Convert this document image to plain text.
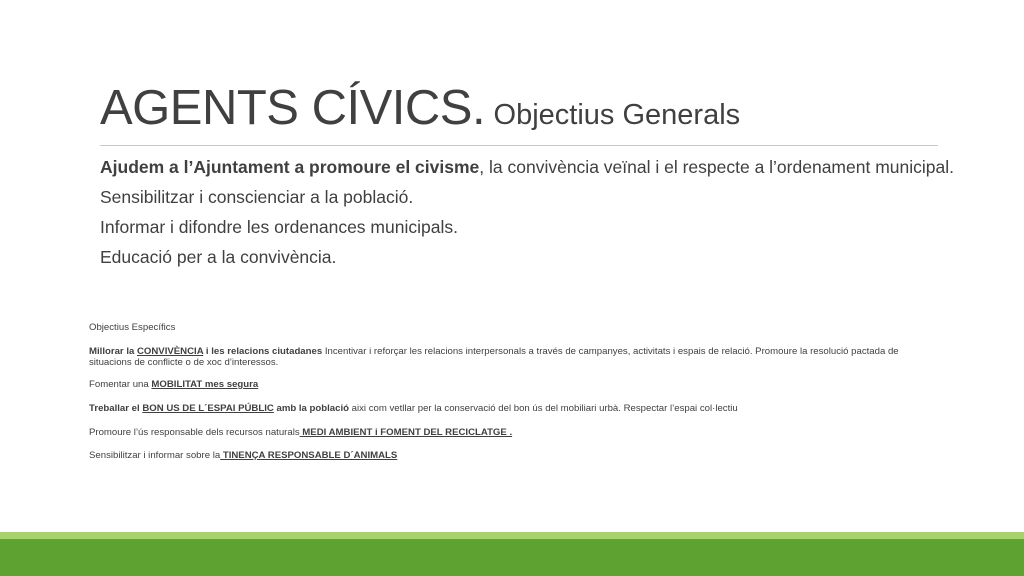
AGENTS CÍVICS. Objectius Generals
Ajudem a l’Ajuntament a promoure el civisme, la convivència veïnal i el respecte a l’ordenament municipal.
Sensibilitzar i conscienciar a la població.
Informar i difondre les ordenances municipals.
Educació per a la convivència.

Objectius Específics

Millorar la CONVIVÈNCIA i les relacions ciutadanes Incentivar i reforçar les relacions interpersonals a través de campanyes, activitats i espais de relació. Promoure la resolució pactada de situacions de conflicte o de xoc d’interessos.

Fomentar una MOBILITAT mes segura

Treballar el BON US DE L´ESPAI PÚBLIC amb la població aixi com vetllar per la conservació del bon ús del mobiliari urbà. Respectar l’espai col·lectiu

Promoure l’ús responsable dels recursos naturals MEDI AMBIENT i FOMENT DEL RECICLATGE .

Sensibilitzar i informar sobre la TINENÇA RESPONSABLE D´ANIMALS
